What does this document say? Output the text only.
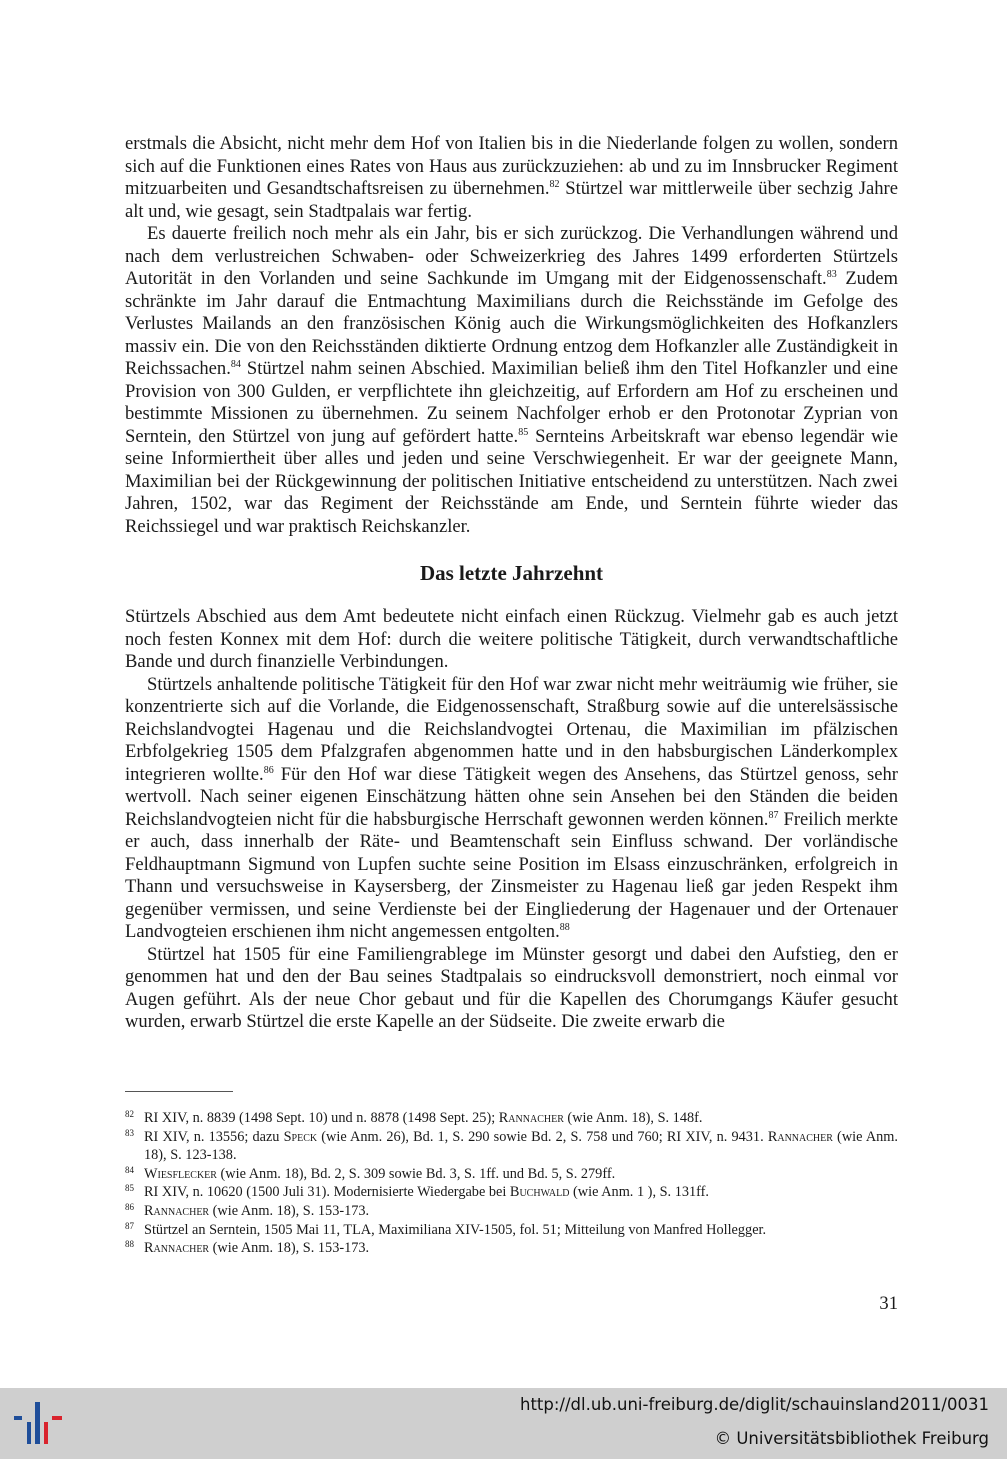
erstmals die Absicht, nicht mehr dem Hof von Italien bis in die Niederlande folgen zu wollen, sondern sich auf die Funktionen eines Rates von Haus aus zurückzuziehen: ab und zu im Innsbrucker Regiment mitzuarbeiten und Gesandtschaftsreisen zu übernehmen.$^{82}$ Stürtzel war mittlerweile über sechzig Jahre alt und, wie gesagt, sein Stadtpalais war fertig.

Es dauerte freilich noch mehr als ein Jahr, bis er sich zurückzog. Die Verhandlungen während und nach dem verlustreichen Schwaben- oder Schweizerkrieg des Jahres 1499 erforderten Stürtzels Autorität in den Vorlanden und seine Sachkunde im Umgang mit der Eidgenossenschaft.$^{83}$ Zudem schränkte im Jahr darauf die Entmachtung Maximilians durch die Reichsstände im Gefolge des Verlustes Mailands an den französischen König auch die Wirkungsmöglichkeiten des Hofkanzlers massiv ein. Die von den Reichsständen diktierte Ordnung entzog dem Hofkanzler alle Zuständigkeit in Reichssachen.$^{84}$ Stürtzel nahm seinen Abschied. Maximilian beließ ihm den Titel Hofkanzler und eine Provision von 300 Gulden, er verpflichtete ihn gleichzeitig, auf Erfordern am Hof zu erscheinen und bestimmte Missionen zu übernehmen. Zu seinem Nachfolger erhob er den Protonotar Zyprian von Serntein, den Stürtzel von jung auf gefördert hatte.$^{85}$ Sernteins Arbeitskraft war ebenso legendär wie seine Informiertheit über alles und jeden und seine Verschwiegenheit. Er war der geeignete Mann, Maximilian bei der Rückgewinnung der politischen Initiative entscheidend zu unterstützen. Nach zwei Jahren, 1502, war das Regiment der Reichsstände am Ende, und Serntein führte wieder das Reichssiegel und war praktisch Reichskanzler.

Das letzte Jahrzehnt

Stürtzels Abschied aus dem Amt bedeutete nicht einfach einen Rückzug. Vielmehr gab es auch jetzt noch festen Konnex mit dem Hof: durch die weitere politische Tätigkeit, durch verwandtschaftliche Bande und durch finanzielle Verbindungen.

Stürtzels anhaltende politische Tätigkeit für den Hof war zwar nicht mehr weiträumig wie früher, sie konzentrierte sich auf die Vorlande, die Eidgenossenschaft, Straßburg sowie auf die unterelsässische Reichslandvogtei Hagenau und die Reichslandvogtei Ortenau, die Maximilian im pfälzischen Erbfolgekrieg 1505 dem Pfalzgrafen abgenommen hatte und in den habsburgischen Länderkomplex integrieren wollte.$^{86}$ Für den Hof war diese Tätigkeit wegen des Ansehens, das Stürtzel genoss, sehr wertvoll. Nach seiner eigenen Einschätzung hätten ohne sein Ansehen bei den Ständen die beiden Reichslandvogteien nicht für die habsburgische Herrschaft gewonnen werden können.$^{87}$ Freilich merkte er auch, dass innerhalb der Räte- und Beamtenschaft sein Einfluss schwand. Der vorländische Feldhauptmann Sigmund von Lupfen suchte seine Position im Elsass einzuschränken, erfolgreich in Thann und versuchsweise in Kaysersberg, der Zinsmeister zu Hagenau ließ gar jeden Respekt ihm gegenüber vermissen, und seine Verdienste bei der Eingliederung der Hagenauer und der Ortenauer Landvogteien erschienen ihm nicht angemessen entgolten.$^{88}$

Stürtzel hat 1505 für eine Familiengrablege im Münster gesorgt und dabei den Aufstieg, den er genommen hat und den der Bau seines Stadtpalais so eindrucksvoll demonstriert, noch einmal vor Augen geführt. Als der neue Chor gebaut und für die Kapellen des Chorumgangs Käufer gesucht wurden, erwarb Stürtzel die erste Kapelle an der Südseite. Die zweite erwarb die

$^{82}$ RI XIV, n. 8839 (1498 Sept. 10) und n. 8878 (1498 Sept. 25); Rannacher (wie Anm. 18), S. 148f.
$^{83}$ RI XIV, n. 13556; dazu Speck (wie Anm. 26), Bd. 1, S. 290 sowie Bd. 2, S. 758 und 760; RI XIV, n. 9431. Rannacher (wie Anm. 18), S. 123-138.
$^{84}$ Wiesflecker (wie Anm. 18), Bd. 2, S. 309 sowie Bd. 3, S. 1ff. und Bd. 5, S. 279ff.
$^{85}$ RI XIV, n. 10620 (1500 Juli 31). Modernisierte Wiedergabe bei Buchwald (wie Anm. 1 ), S. 131ff.
$^{86}$ Rannacher (wie Anm. 18), S. 153-173.
$^{87}$ Stürtzel an Serntein, 1505 Mai 11, TLA, Maximiliana XIV-1505, fol. 51; Mitteilung von Manfred Hollegger.
$^{88}$ Rannacher (wie Anm. 18), S. 153-173.
31
http://dl.ub.uni-freiburg.de/diglit/schauinsland2011/0031
© Universitätsbibliothek Freiburg
